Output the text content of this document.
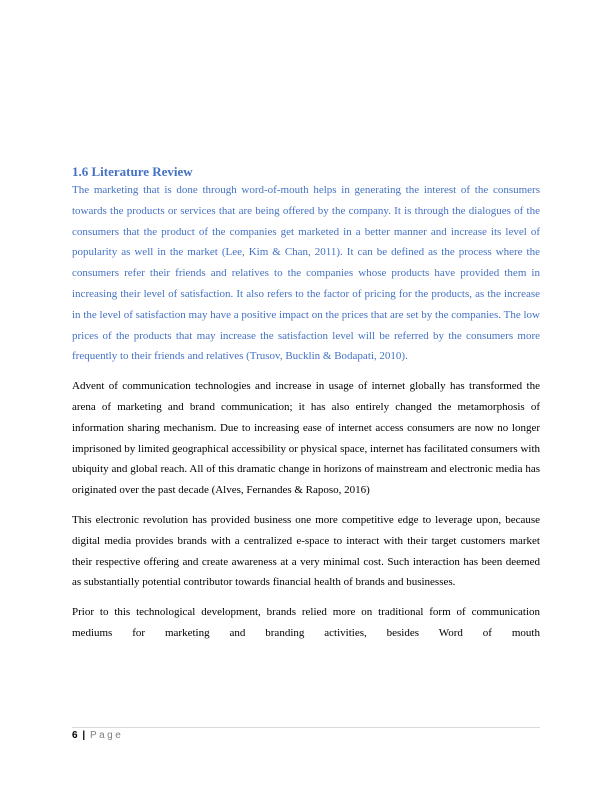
1.6 Literature Review

The marketing that is done through word-of-mouth helps in generating the interest of the consumers towards the products or services that are being offered by the company. It is through the dialogues of the consumers that the product of the companies get marketed in a better manner and increase its level of popularity as well in the market (Lee, Kim & Chan, 2011). It can be defined as the process where the consumers refer their friends and relatives to the companies whose products have provided them in increasing their level of satisfaction. It also refers to the factor of pricing for the products, as the increase in the level of satisfaction may have a positive impact on the prices that are set by the companies. The low prices of the products that may increase the satisfaction level will be referred by the consumers more frequently to their friends and relatives (Trusov, Bucklin & Bodapati, 2010).

Advent of communication technologies and increase in usage of internet globally has transformed the arena of marketing and brand communication; it has also entirely changed the metamorphosis of information sharing mechanism. Due to increasing ease of internet access consumers are now no longer imprisoned by limited geographical accessibility or physical space, internet has facilitated consumers with ubiquity and global reach. All of this dramatic change in horizons of mainstream and electronic media has originated over the past decade (Alves, Fernandes & Raposo, 2016)

This electronic revolution has provided business one more competitive edge to leverage upon, because digital media provides brands with a centralized e-space to interact with their target customers market their respective offering and create awareness at a very minimal cost. Such interaction has been deemed as substantially potential contributor towards financial health of brands and businesses.

Prior to this technological development, brands relied more on traditional form of communication mediums for marketing and branding activities, besides Word of mouth

6 | Page
